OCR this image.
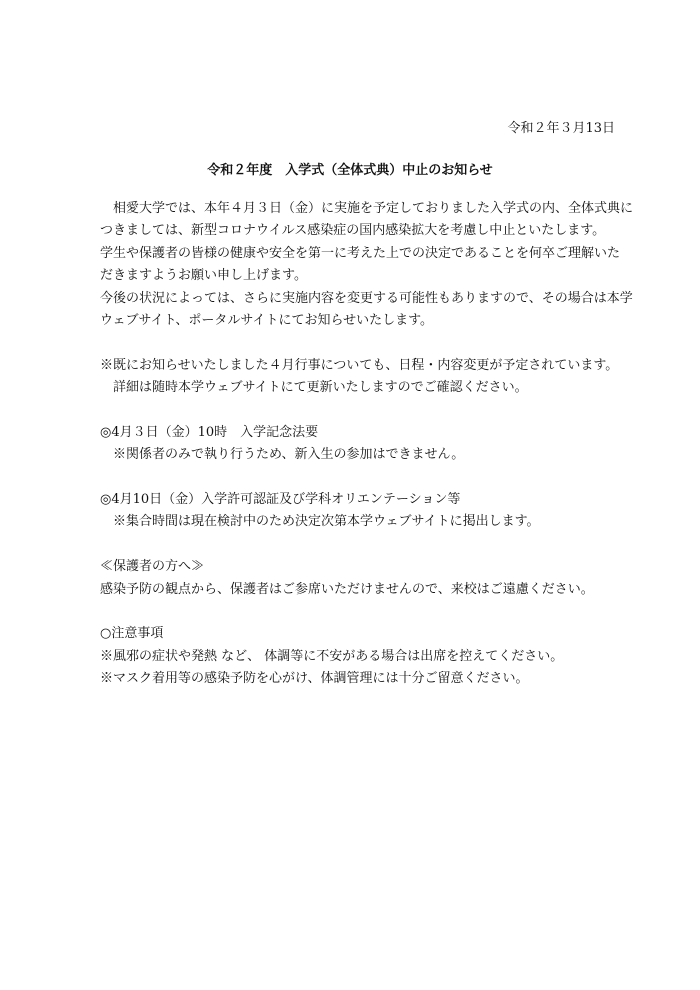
令和２年３月13日
令和２年度　入学式（全体式典）中止のお知らせ
相愛大学では、本年４月３日（金）に実施を予定しておりました入学式の内、全体式典に
つきましては、新型コロナウイルス感染症の国内感染拡大を考慮し中止といたします。
学生や保護者の皆様の健康や安全を第一に考えた上での決定であることを何卒ご理解いた
だきますようお願い申し上げます。
今後の状況によっては、さらに実施内容を変更する可能性もありますので、その場合は本学
ウェブサイト、ポータルサイトにてお知らせいたします。
※既にお知らせいたしました４月行事についても、日程・内容変更が予定されています。
詳細は随時本学ウェブサイトにて更新いたしますのでご確認ください。
◎4月３日（金）10時　入学記念法要
※関係者のみで執り行うため、新入生の参加はできません。
◎4月10日（金）入学許可認証及び学科オリエンテーション等
※集合時間は現在検討中のため決定次第本学ウェブサイトに掲出します。
≪保護者の方へ≫
感染予防の観点から、保護者はご参席いただけませんので、来校はご遠慮ください。
○注意事項
※風邪の症状や発熱 など、 体調等に不安がある場合は出席を控えてください。
※マスク着用等の感染予防を心がけ、体調管理には十分ご留意ください。
